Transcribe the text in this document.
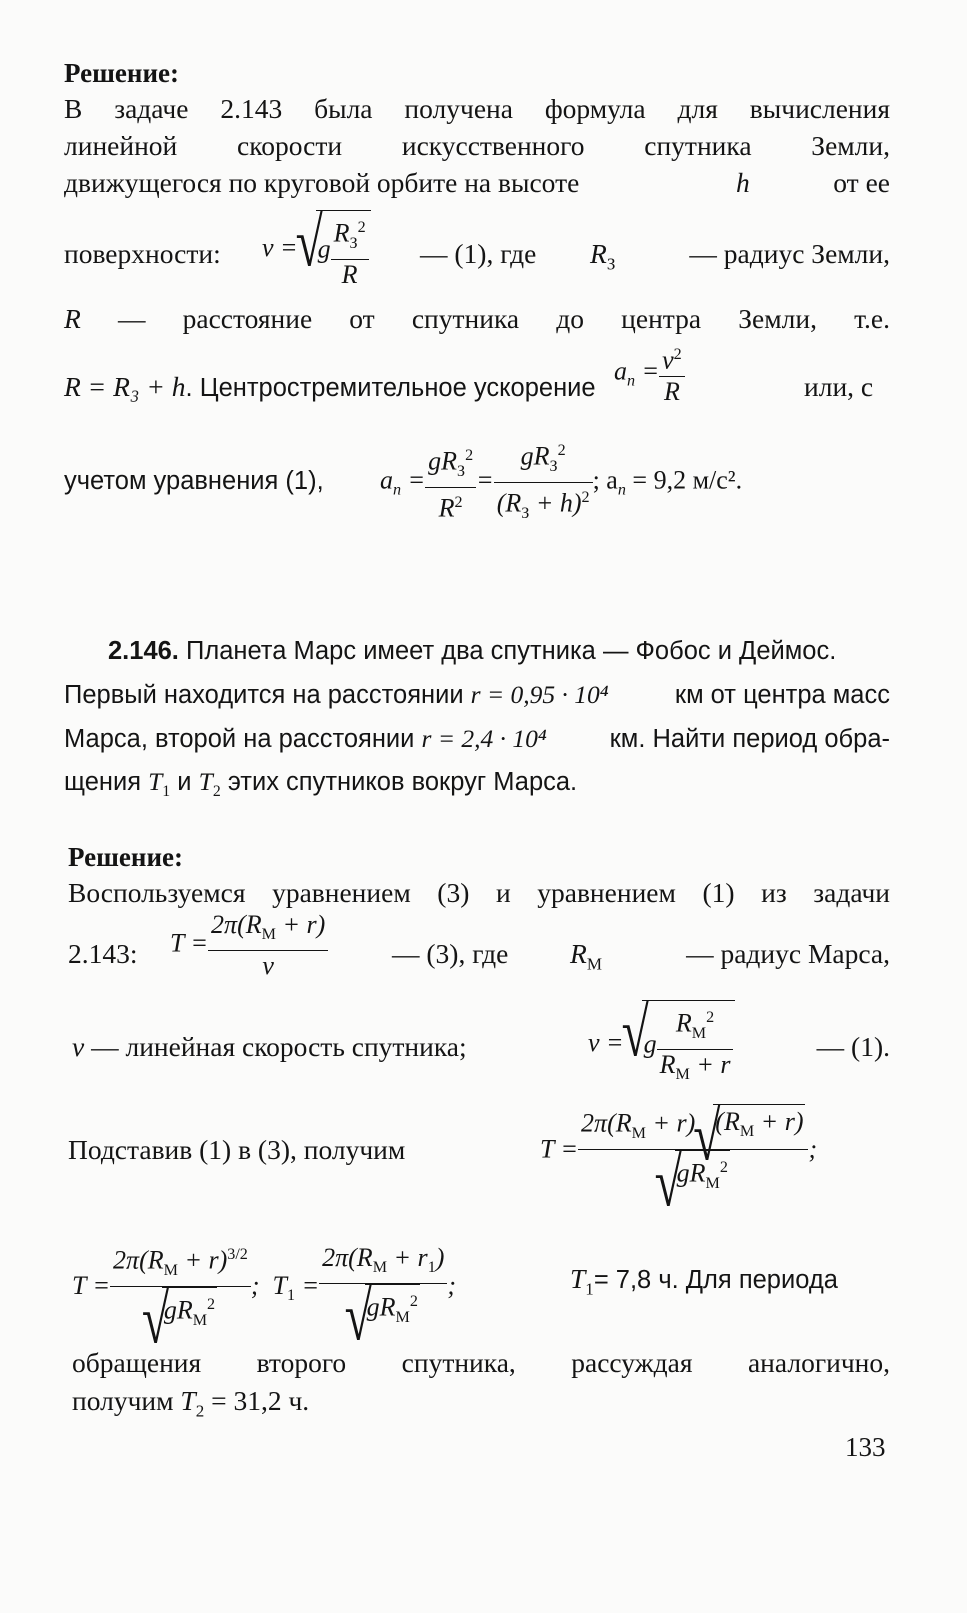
Решение:
В задаче 2.143 была получена формула для вычисления
линейной скорости искусственного спутника Земли,
движущегося по круговой орбите на высоте	h	от ее
поверхности:	— (1), где $R_З$	— радиус Земли,
v =√ g $\frac{R_З^2}{R}$
R — расстояние от спутника до центра Земли, т.е.
R = R₃ + h. Центростремительное ускорение	или, с
$a_n = \frac{v^2}{R}$
учетом уравнения (1),	$a_n = \frac{gR_З^2}{R^2} = \frac{gR_З^2}{(R_З + h)^2}$ ; $a_n = 9,2$ м/с².
2.146. Планета Марс имеет два спутника — Фобос и Деймос.
Первый находится на расстоянии r = 0,95 · 10⁴	км от центра масс
Марса, второй на расстоянии r = 2,4 · 10⁴ км. Найти период обра-
щения $T_1$ и $T_2$ этих спутников вокруг Марса.
Решение:
Воспользуемся уравнением (3) и уравнением (1) из задачи
2.143:	— (3), где $R_M$	— радиус Марса,
$T = \frac{2\pi(R_M + r)}{v}$
v — линейная скорость спутника;	— (1).
v =√ g $\frac{R_M^2}{R_M + r}$
Подставив (1) в (3), получим	$T = 2\pi(R_M + r)√$ $(R_M + r)$
√ $gR_M^2$ ;
$T = 2\pi(R_M + r)^{3/2}$
√ $gR_M^2$ ;  $T_1 = 2\pi(R_M + r_1)$
√ $gR_M^2$ ;	$Т_1= 7,8$ ч. Для периода
обращения второго спутника, рассуждая аналогично,
получим $T_2 = 31,2$ ч.
133
